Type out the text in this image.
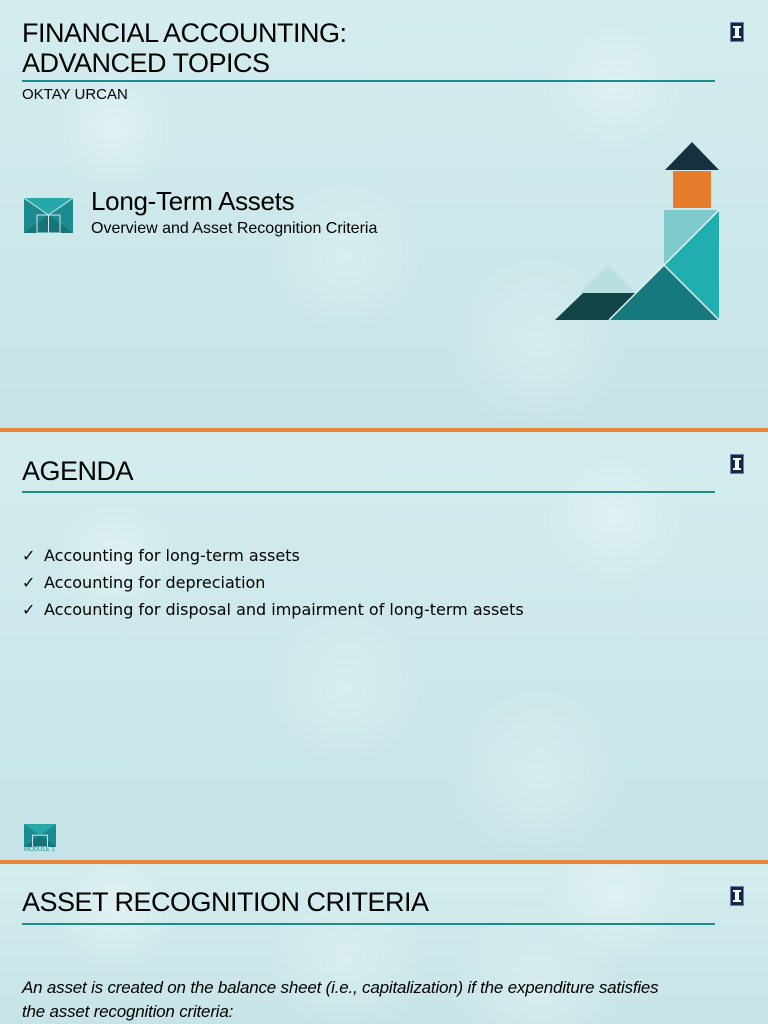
FINANCIAL ACCOUNTING:
ADVANCED TOPICS
OKTAY URCAN
Long-Term Assets
Overview and Asset Recognition Criteria
AGENDA
✓ Accounting for long-term assets
✓ Accounting for depreciation
✓ Accounting for disposal and impairment of long-term assets
MODULE 1
ASSET RECOGNITION CRITERIA
An asset is created on the balance sheet (i.e., capitalization) if the expenditure satisfies
the asset recognition criteria:
